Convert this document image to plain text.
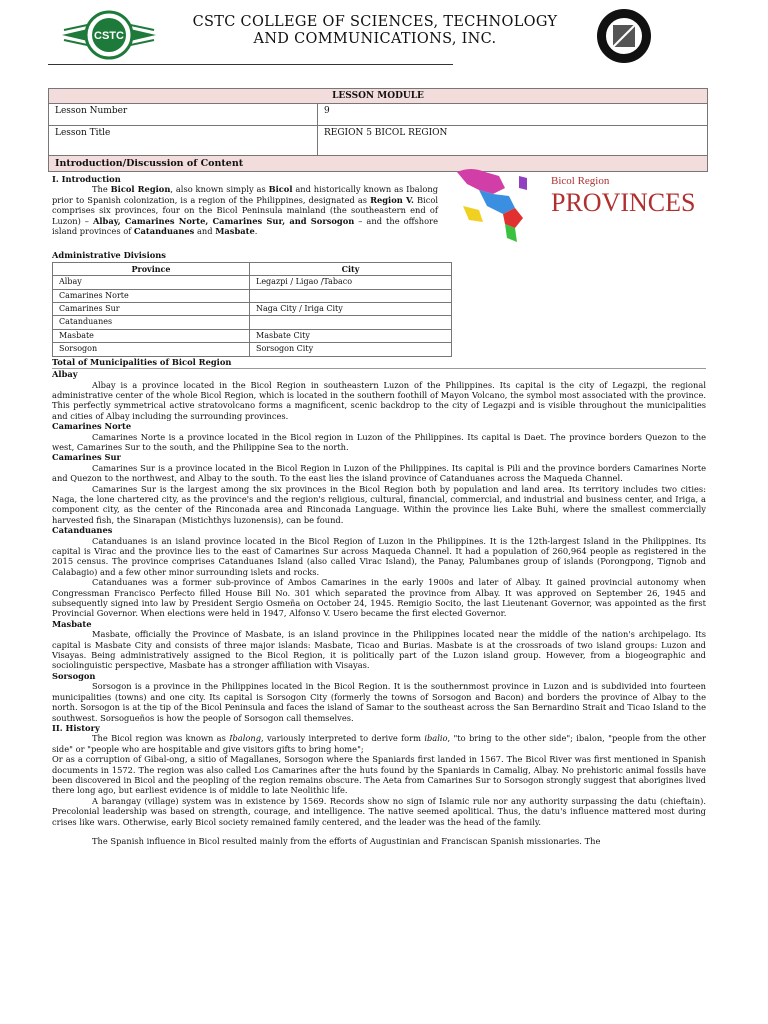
CSTC
CSTC COLLEGE OF SCIENCES, TECHNOLOGY
AND COMMUNICATIONS, INC.
LESSON MODULE	
Lesson Number	9
Lesson Title	REGION 5 BICOL REGION
Introduction/Discussion of Content	
Bicol Region
PROVINCES

I. Introduction

The Bicol Region, also known simply as Bicol and historically known as Ibalong prior to Spanish colonization, is a region of the Philippines, designated as Region V. Bicol comprises six provinces, four on the Bicol Peninsula mainland (the southeastern end of Luzon) – Albay, Camarines Norte, Camarines Sur, and Sorsogon – and the offshore island provinces of Catanduanes and Masbate.

Administrative Divisions

Province	City
Albay	Legazpi / Ligao /Tabaco
Camarines Norte	
Camarines Sur	Naga City / Iriga City
Catanduanes	
Masbate	Masbate City
Sorsogon	Sorsogon City

Total of Municipalities of Bicol Region

Albay

Albay is a province located in the Bicol Region in southeastern Luzon of the Philippines. Its capital is the city of Legazpi, the regional administrative center of the whole Bicol Region, which is located in the southern foothill of Mayon Volcano, the symbol most associated with the province. This perfectly symmetrical active stratovolcano forms a magnificent, scenic backdrop to the city of Legazpi and is visible throughout the municipalities and cities of Albay including the surrounding provinces.

Camarines Norte

Camarines Norte is a province located in the Bicol region in Luzon of the Philippines. Its capital is Daet. The province borders Quezon to the west, Camarines Sur to the south, and the Philippine Sea to the north.

Camarines Sur

Camarines Sur is a province located in the Bicol Region in Luzon of the Philippines. Its capital is Pili and the province borders Camarines Norte and Quezon to the northwest, and Albay to the south. To the east lies the island province of Catanduanes across the Maqueda Channel.

Camarines Sur is the largest among the six provinces in the Bicol Region both by population and land area. Its territory includes two cities: Naga, the lone chartered city, as the province's and the region's religious, cultural, financial, commercial, and industrial and business center, and Iriga, a component city, as the center of the Rinconada area and Rinconada Language. Within the province lies Lake Buhi, where the smallest commercially harvested fish, the Sinarapan (Mistichthys luzonensis), can be found.

Catanduanes

Catanduanes is an island province located in the Bicol Region of Luzon in the Philippines. It is the 12th-largest Island in the Philippines. Its capital is Virac and the province lies to the east of Camarines Sur across Maqueda Channel. It had a population of 260,964 people as registered in the 2015 census. The province comprises Catanduanes Island (also called Virac Island), the Panay, Palumbanes group of islands (Porongpong, Tignob and Calabagio) and a few other minor surrounding islets and rocks.

Catanduanes was a former sub-province of Ambos Camarines in the early 1900s and later of Albay. It gained provincial autonomy when Congressman Francisco Perfecto filled House Bill No. 301 which separated the province from Albay. It was approved on September 26, 1945 and subsequently signed into law by President Sergio Osmeña on October 24, 1945. Remigio Socito, the last Lieutenant Governor, was appointed as the first Provincial Governor. When elections were held in 1947, Alfonso V. Usero became the first elected Governor.

Masbate

Masbate, officially the Province of Masbate, is an island province in the Philippines located near the middle of the nation's archipelago. Its capital is Masbate City and consists of three major islands: Masbate, Ticao and Burias. Masbate is at the crossroads of two island groups: Luzon and Visayas. Being administratively assigned to the Bicol Region, it is politically part of the Luzon island group. However, from a biogeographic and sociolinguistic perspective, Masbate has a stronger affiliation with Visayas.

Sorsogon

Sorsogon is a province in the Philippines located in the Bicol Region. It is the southernmost province in Luzon and is subdivided into fourteen municipalities (towns) and one city. Its capital is Sorsogon City (formerly the towns of Sorsogon and Bacon) and borders the province of Albay to the north. Sorsogon is at the tip of the Bicol Peninsula and faces the island of Samar to the southeast across the San Bernardino Strait and Ticao Island to the southwest. Sorsogueños is how the people of Sorsogon call themselves.

II. History

The Bicol region was known as Ibalong, variously interpreted to derive form ibalio, "to bring to the other side"; ibalon, "people from the other side" or "people who are hospitable and give visitors gifts to bring home";

Or as a corruption of Gibal-ong, a sitio of Magallanes, Sorsogon where the Spaniards first landed in 1567. The Bicol River was first mentioned in Spanish documents in 1572. The region was also called Los Camarines after the huts found by the Spaniards in Camalig, Albay. No prehistoric animal fossils have been discovered in Bicol and the peopling of the region remains obscure. The Aeta from Camarines Sur to Sorsogon strongly suggest that aborigines lived there long ago, but earliest evidence is of middle to late Neolithic life.

A barangay (village) system was in existence by 1569. Records show no sign of Islamic rule nor any authority surpassing the datu (chieftain). Precolonial leadership was based on strength, courage, and intelligence. The native seemed apolitical. Thus, the datu's influence mattered most during crises like wars. Otherwise, early Bicol society remained family centered, and the leader was the head of the family.

The Spanish influence in Bicol resulted mainly from the efforts of Augustinian and Franciscan Spanish missionaries. The
